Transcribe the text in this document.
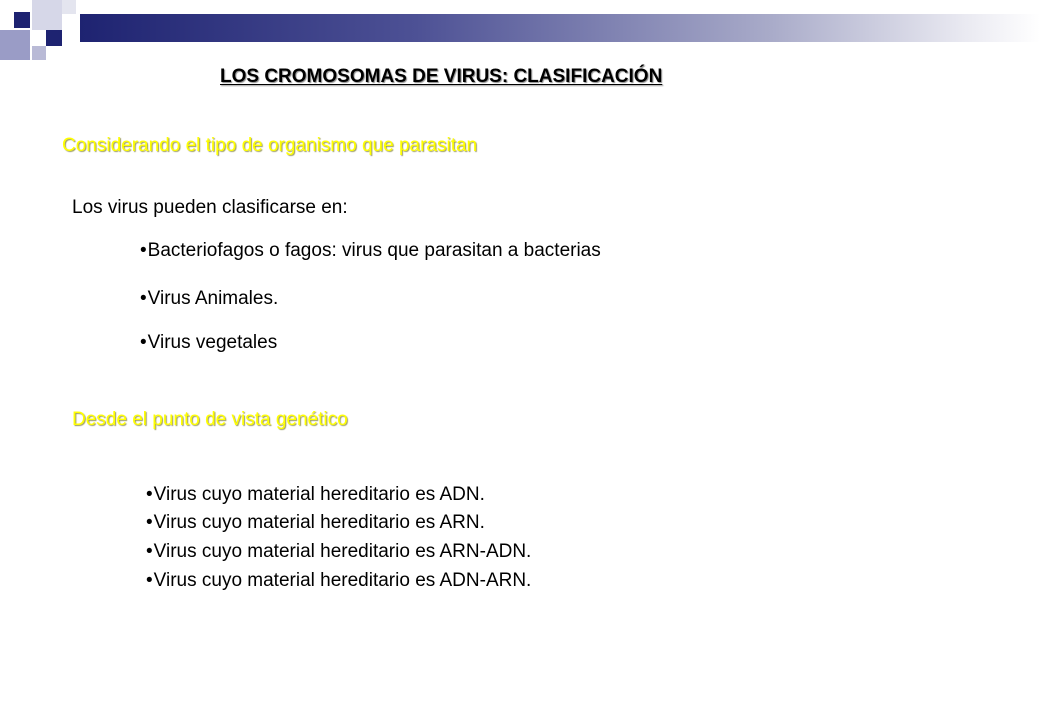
LOS CROMOSOMAS DE VIRUS: CLASIFICACIÓN
Considerando el tipo de organismo que parasitan
Los virus pueden clasificarse en:
•Bacteriofagos o fagos: virus que parasitan a bacterias
•Virus Animales.
•Virus vegetales
Desde el punto de vista genético
•Virus cuyo material hereditario es ADN.
•Virus cuyo material hereditario es ARN.
•Virus cuyo material hereditario es ARN-ADN.
•Virus cuyo material hereditario es ADN-ARN.
